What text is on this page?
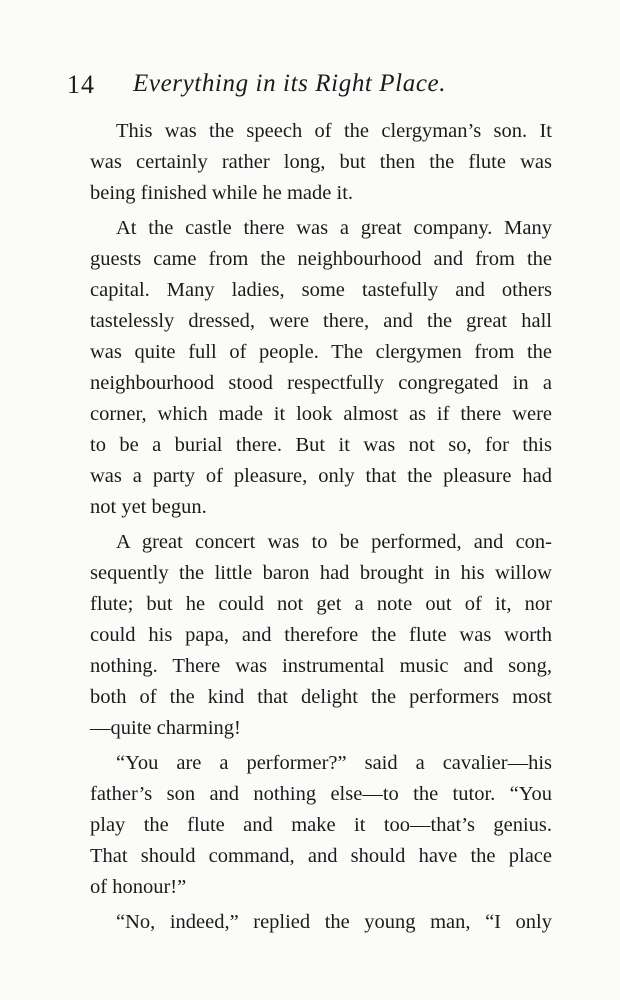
14 Everything in its Right Place.

This was the speech of the clergyman’s son. It
was certainly rather long, but then the flute was
being finished while he made it.

At the castle there was a great company. Many
guests came from the neighbourhood and from the
capital. Many ladies, some tastefully and others
tastelessly dressed, were there, and the great hall
was quite full of people. The clergymen from the
neighbourhood stood respectfully congregated in a
corner, which made it look almost as if there were
to be a burial there. But it was not so, for this
was a party of pleasure, only that the pleasure had
not yet begun.

A great concert was to be performed, and con-
sequently the little baron had brought in his willow
flute; but he could not get a note out of it, nor
could his papa, and therefore the flute was worth
nothing. There was instrumental music and song,
both of the kind that delight the performers most
—quite charming!

“You are a performer?” said a cavalier—his
father’s son and nothing else—to the tutor. “You
play the flute and make it too—that’s genius.
That should command, and should have the place
of honour!”

“No, indeed,” replied the young man, “I only
